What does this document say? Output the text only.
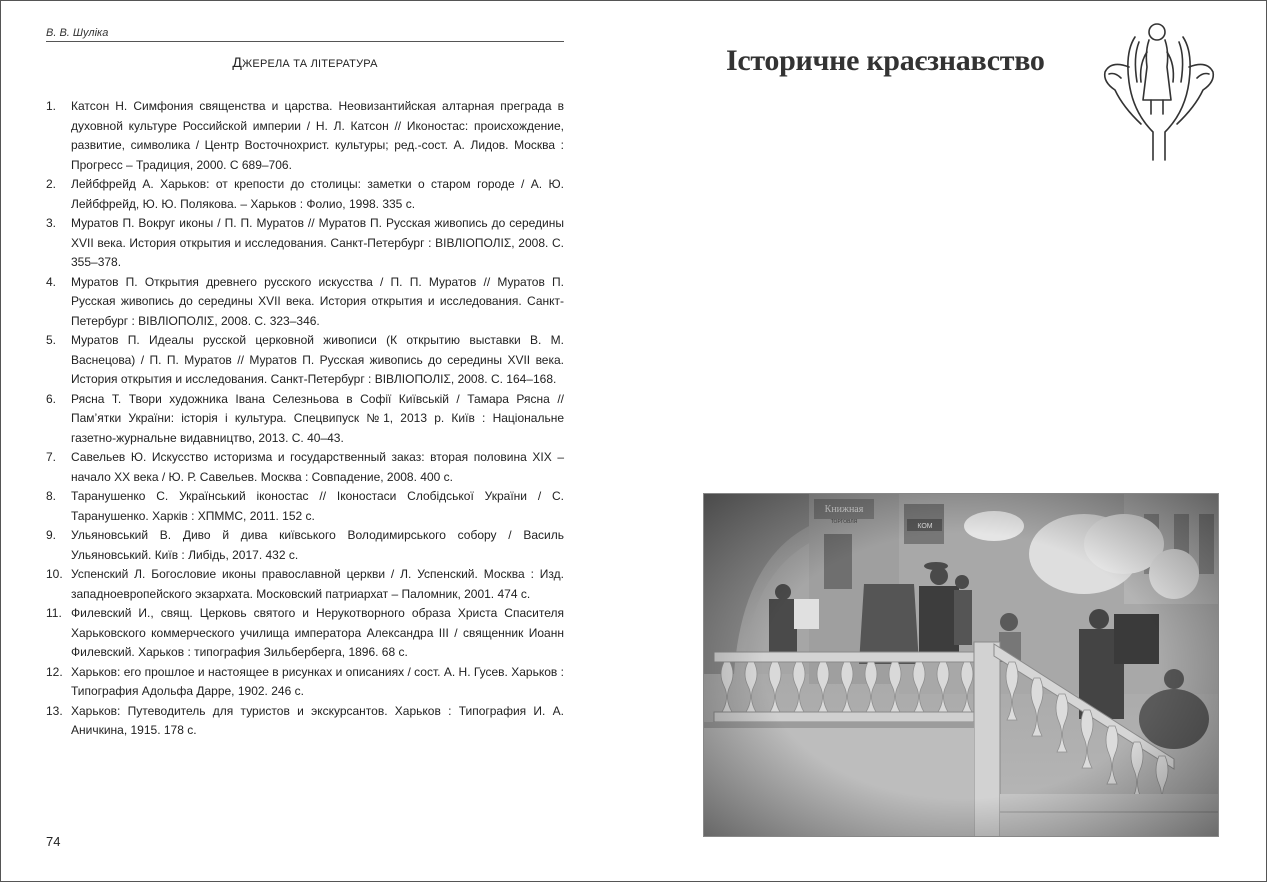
В. В. Шуліка
ДЖЕРЕЛА ТА ЛІТЕРАТУРА
1.	Катсон Н. Симфония священства и царства. Неовизантийская алтарная преграда в духовной культуре Российской империи / Н. Л. Катсон // Иконостас: происхождение, развитие, символика / Центр Восточнохрист. культуры; ред.-сост. А. Лидов. Москва : Прогресс – Традиция, 2000. С 689–706.
2.	Лейбфрейд А. Харьков: от крепости до столицы: заметки о старом городе / А. Ю. Лейбфрейд, Ю. Ю. Полякова. – Харьков : Фолио, 1998. 335 с.
3.	Муратов П. Вокруг иконы / П. П. Муратов // Муратов П. Русская живопись до середины XVII века. История открытия и исследования. Санкт-Петербург : ВІВЛІОПОЛІΣ, 2008. С. 355–378.
4.	Муратов П. Открытия древнего русского искусства / П. П. Муратов // Муратов П. Русская живопись до середины XVII века. История открытия и исследования. Санкт-Петербург : ВІВЛІОПОЛІΣ, 2008. С. 323–346.
5.	Муратов П. Идеалы русской церковной живописи (К открытию выставки В. М. Васнецова) / П. П. Муратов // Муратов П. Русская живопись до середины XVII века. История открытия и исследования. Санкт-Петербург : ВІВЛІОПОЛІΣ, 2008. С. 164–168.
6.	Рясна Т. Твори художника Івана Селезньова в Софії Київській / Тамара Рясна // Пам’ятки України: історія і культура. Спецвипуск №1, 2013 р. Київ : Національне газетно-журнальне видавництво, 2013. С. 40–43.
7.	Савельев Ю. Искусство историзма и государственный заказ: вторая половина XIX – начало XX века / Ю. Р. Савельев. Москва : Совпадение, 2008. 400 с.
8.	Таранушенко С. Український іконостас // Іконостаси Слобідської України / С. Таранушенко. Харків : ХПММС, 2011. 152 с.
9.	Ульяновський В. Диво й дива київського Володимирського собору / Василь Ульяновський. Київ : Либідь, 2017. 432 с.
10. Успенский Л. Богословие иконы православной церкви / Л. Успенский. Москва : Изд. западноевропейского экзархата. Московский патриархат – Паломник, 2001. 474 с.
11. Филевский И., свящ. Церковь святого и Нерукотворного образа Христа Спасителя Харьковского коммерческого училища императора Александра III / священник Иоанн Филевский. Харьков : типография Зильберберга, 1896. 68 с.
12. Харьков: его прошлое и настоящее в рисунках и описаниях / сост. А. Н. Гусев. Харьков : Типография Адольфа Дарре, 1902. 246 с.
13. Харьков: Путеводитель для туристов и экскурсантов. Харьков : Типография И. А. Аничкина, 1915. 178 с.
74
Історичне краєзнавство
